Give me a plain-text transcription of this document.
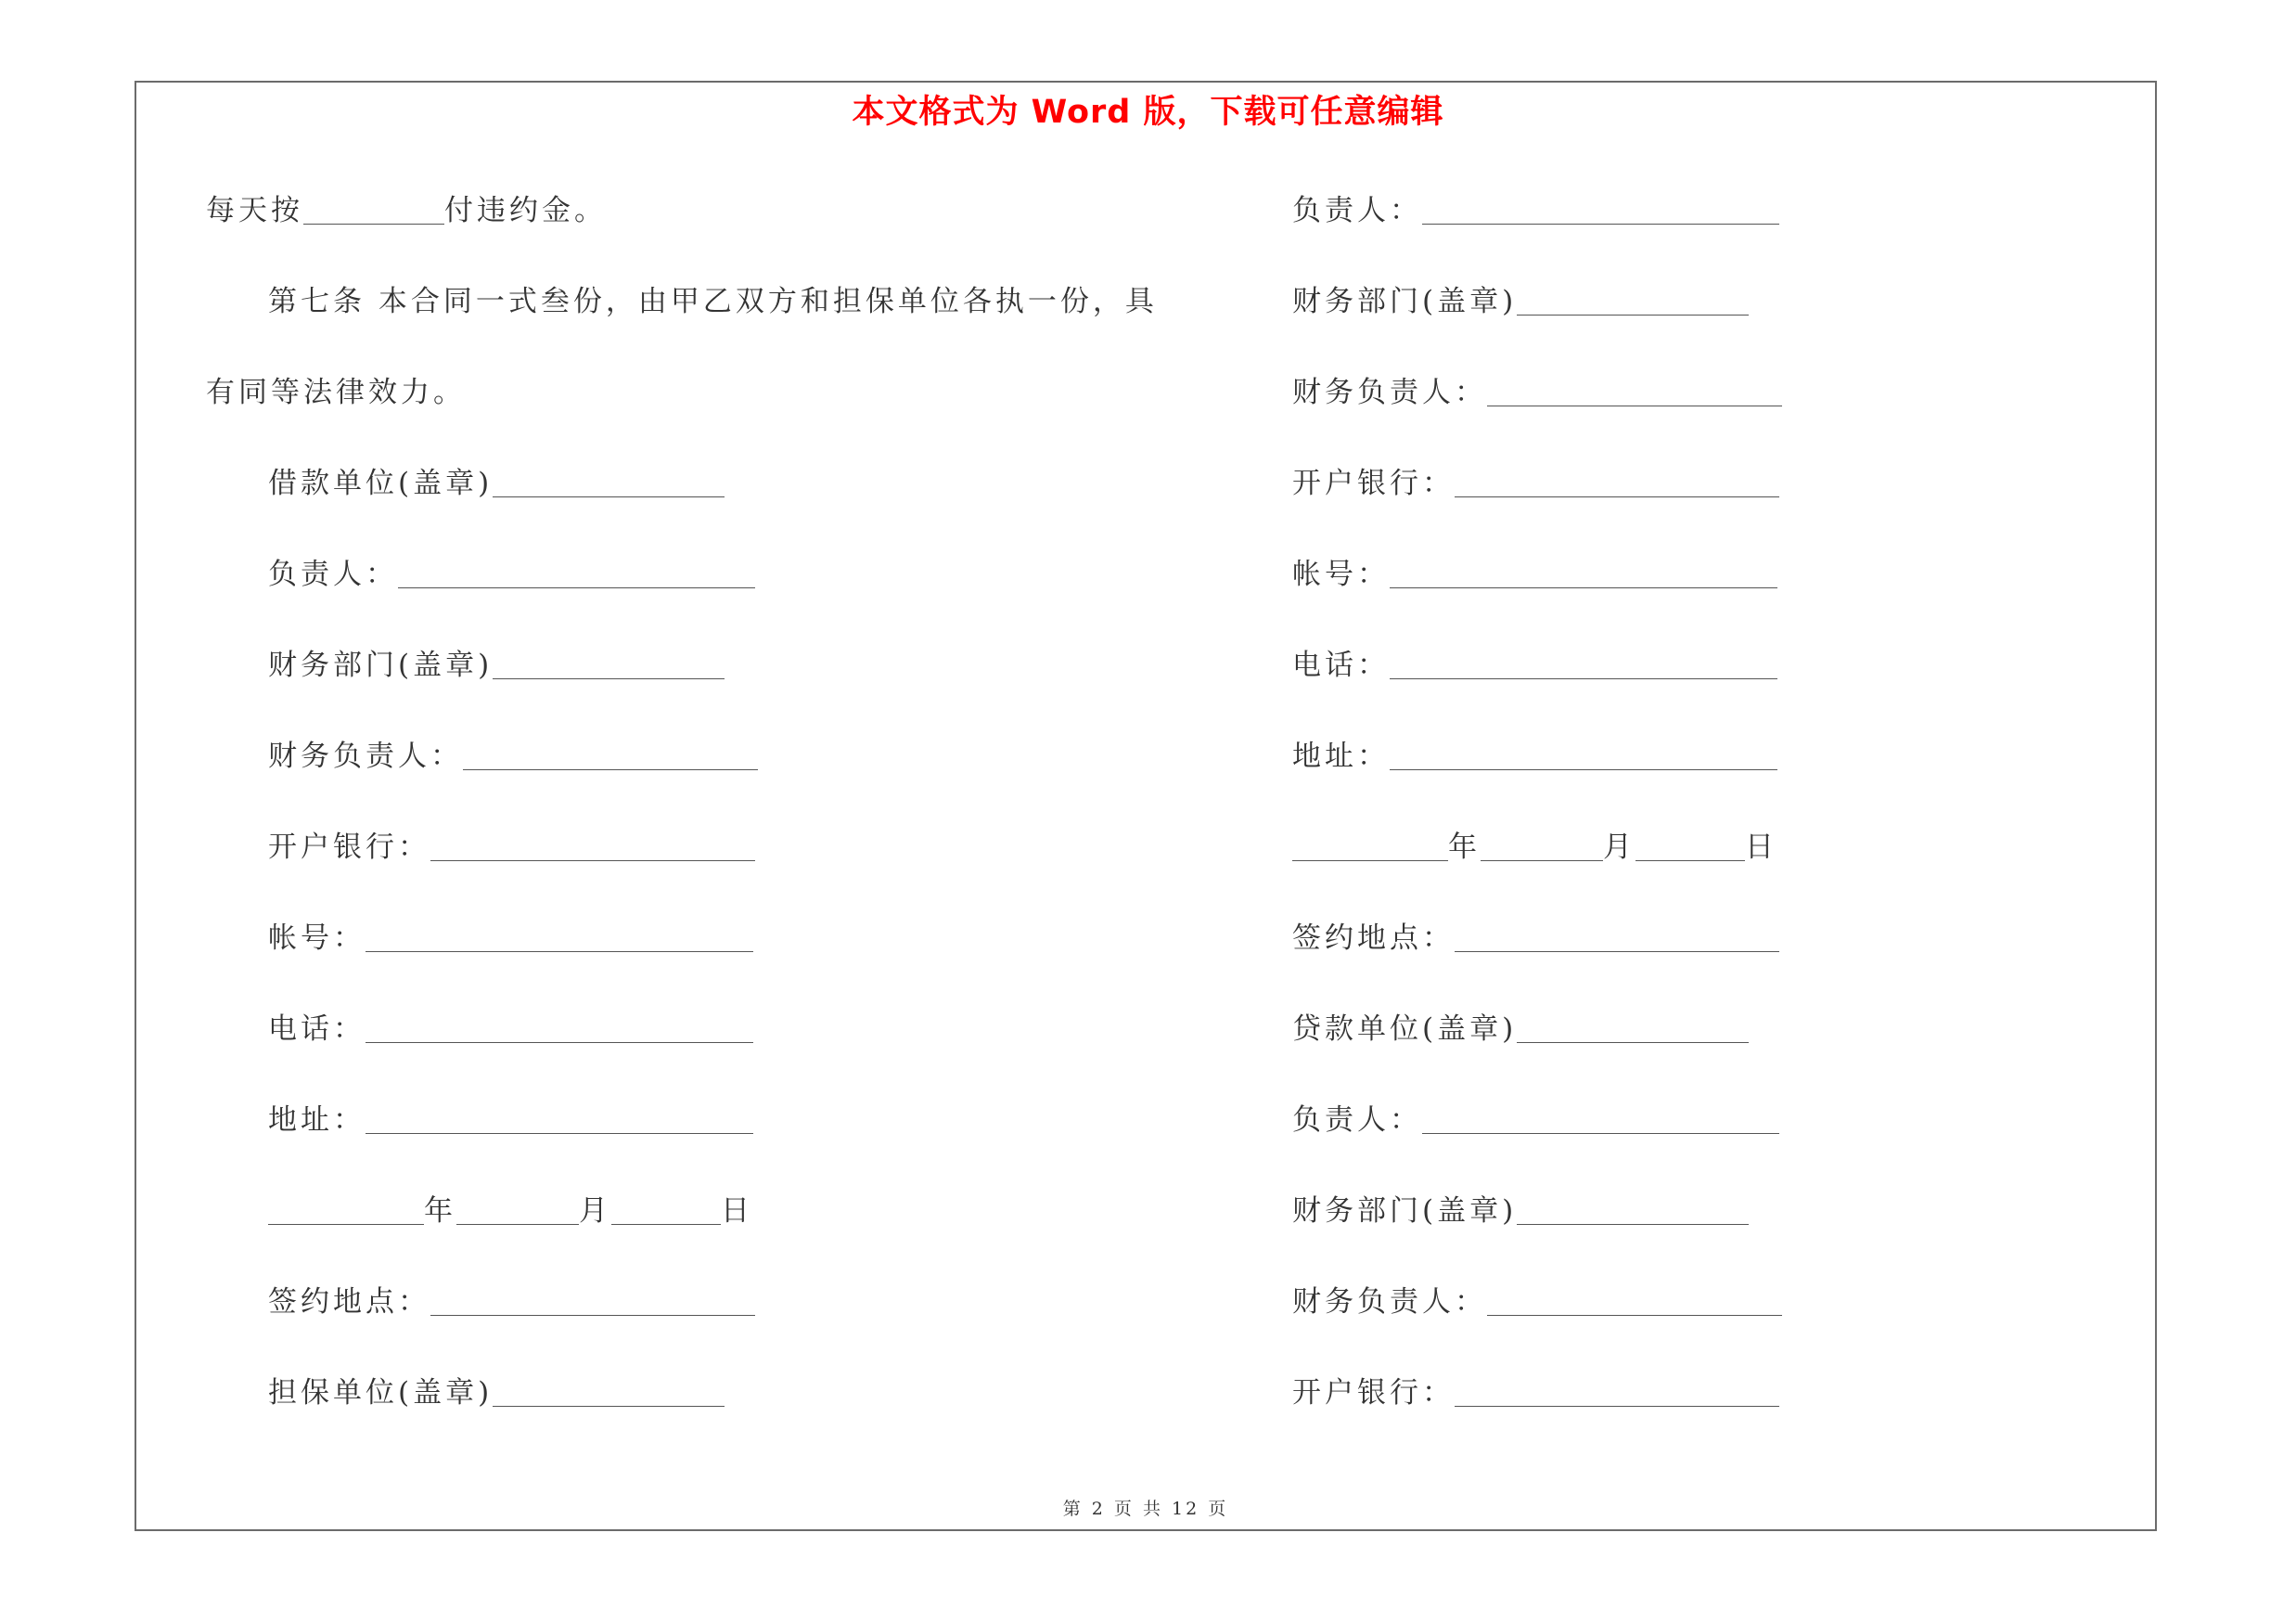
本文格式为 Word 版，下载可任意编辑
每天按	付违约金。
第七条 本合同一式叁份，由甲乙双方和担保单位各执一份，具
有同等法律效力。
借款单位(盖章)
负责人：
财务部门(盖章)
财务负责人：
开户银行：
帐号：
电话：
地址：
年	月	日
签约地点：
担保单位(盖章)
负责人：
财务部门(盖章)
财务负责人：
开户银行：
帐号：
电话：
地址：
年	月	日
签约地点：
贷款单位(盖章)
负责人：
财务部门(盖章)
财务负责人：
开户银行：
第 2 页 共 12 页
